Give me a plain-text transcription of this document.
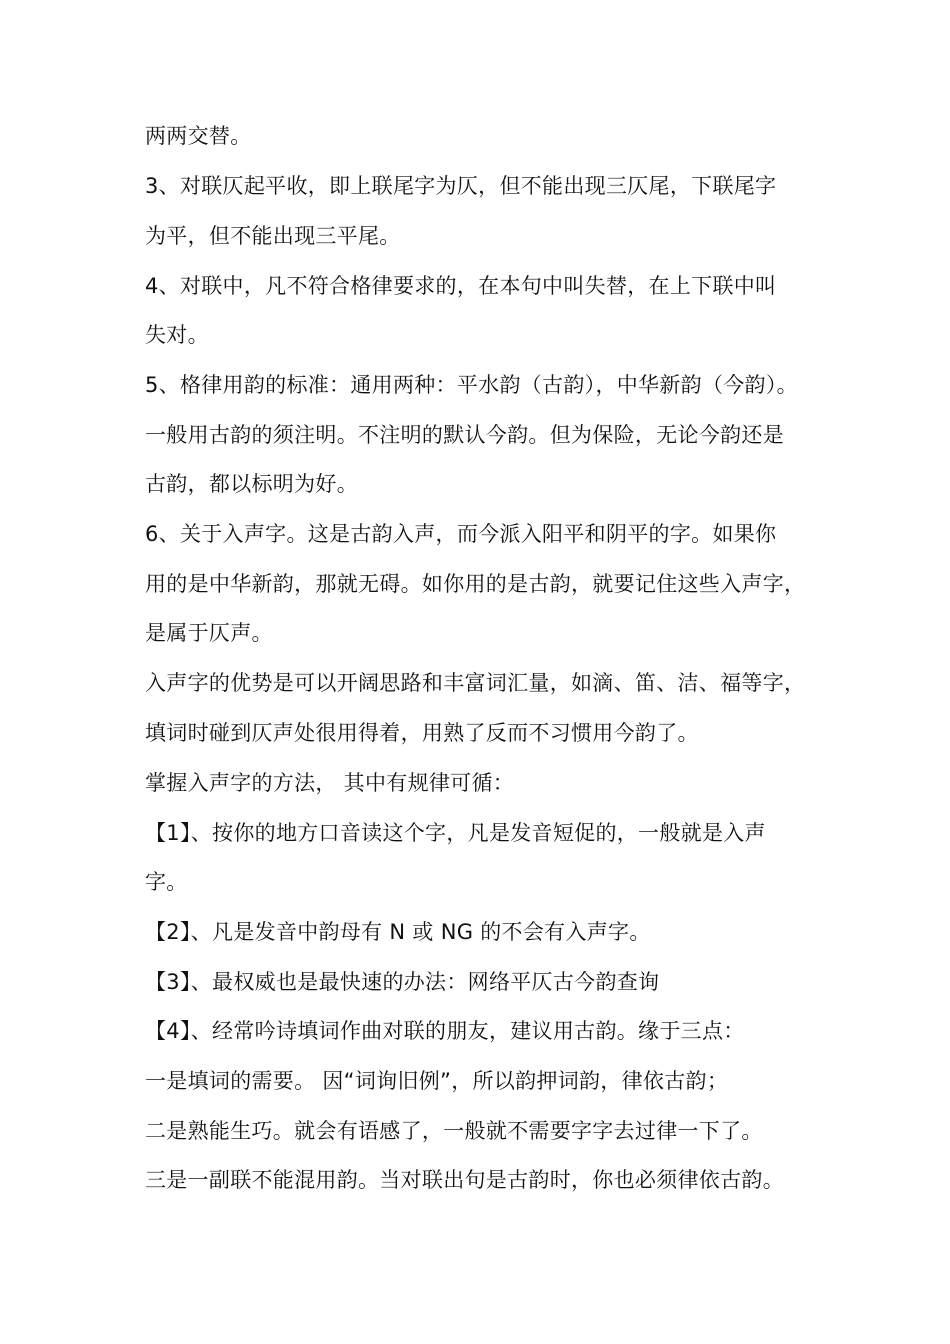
两两交替。
3、对联仄起平收，即上联尾字为仄，但不能出现三仄尾，下联尾字
为平，但不能出现三平尾。
4、对联中，凡不符合格律要求的，在本句中叫失替，在上下联中叫
失对。
5、格律用韵的标准：通用两种：平水韵（古韵），中华新韵（今韵）。
一般用古韵的须注明。不注明的默认今韵。但为保险，无论今韵还是
古韵，都以标明为好。
6、关于入声字。这是古韵入声，而今派入阳平和阴平的字。如果你
用的是中华新韵，那就无碍。如你用的是古韵，就要记住这些入声字，
是属于仄声。
入声字的优势是可以开阔思路和丰富词汇量，如滴、笛、洁、福等字，
填词时碰到仄声处很用得着，用熟了反而不习惯用今韵了。
掌握入声字的方法， 其中有规律可循：
【1】、按你的地方口音读这个字，凡是发音短促的，一般就是入声
字。
【2】、凡是发音中韵母有 N 或 NG 的不会有入声字。
【3】、最权威也是最快速的办法：网络平仄古今韵查询
【4】、经常吟诗填词作曲对联的朋友，建议用古韵。缘于三点：
一是填词的需要。 因“词询旧例”，所以韵押词韵，律依古韵；
二是熟能生巧。就会有语感了，一般就不需要字字去过律一下了。
三是一副联不能混用韵。当对联出句是古韵时，你也必须律依古韵。
